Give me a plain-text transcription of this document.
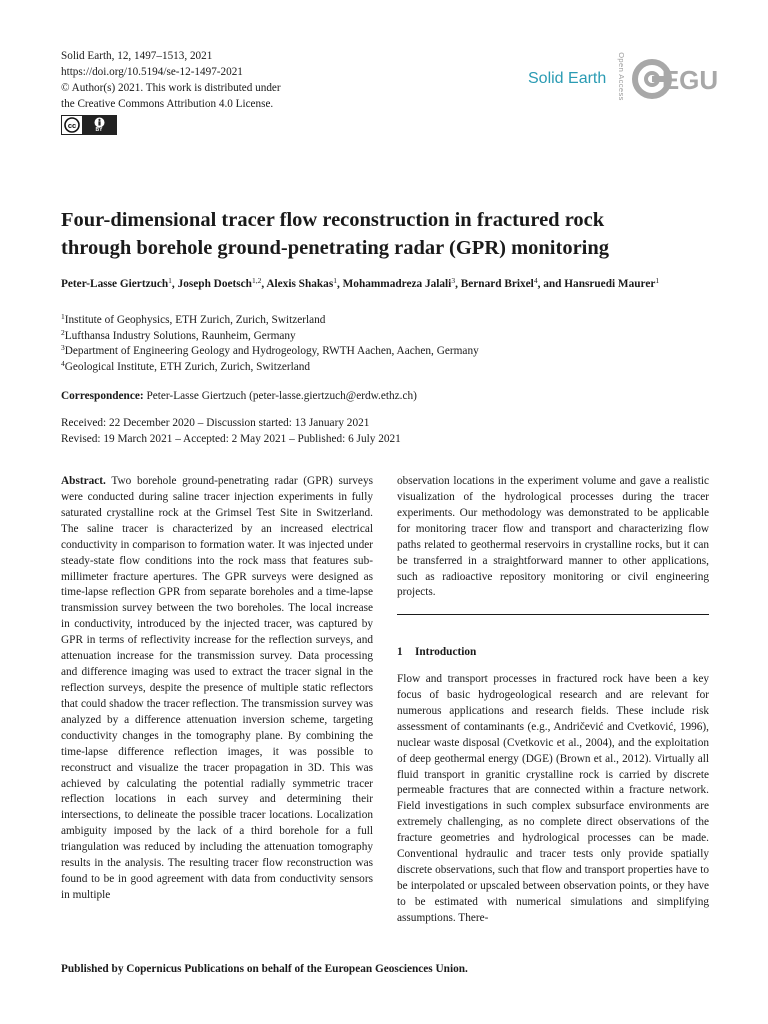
Solid Earth, 12, 1497–1513, 2021
https://doi.org/10.5194/se-12-1497-2021
© Author(s) 2021. This work is distributed under
the Creative Commons Attribution 4.0 License.
cc	BY
Solid Earth Open Access EGU
Four-dimensional tracer flow reconstruction in fractured rock
through borehole ground-penetrating radar (GPR) monitoring
Peter-Lasse Giertzuch$^1$, Joseph Doetsch$^{1,2}$, Alexis Shakas$^1$, Mohammadreza Jalali$^3$, Bernard Brixel$^4$, and Hansruedi Maurer$^1$
$^1$Institute of Geophysics, ETH Zurich, Zurich, Switzerland
$^2$Lufthansa Industry Solutions, Raunheim, Germany
$^3$Department of Engineering Geology and Hydrogeology, RWTH Aachen, Aachen, Germany
$^4$Geological Institute, ETH Zurich, Zurich, Switzerland
Correspondence: Peter-Lasse Giertzuch (peter-lasse.giertzuch@erdw.ethz.ch)
Received: 22 December 2020 – Discussion started: 13 January 2021
Revised: 19 March 2021 – Accepted: 2 May 2021 – Published: 6 July 2021

Abstract. Two borehole ground-penetrating radar (GPR) surveys were conducted during saline tracer injection experiments in fully saturated crystalline rock at the Grimsel Test Site in Switzerland. The saline tracer is characterized by an increased electrical conductivity in comparison to formation water. It was injected under steady-state flow conditions into the rock mass that features sub-millimeter fracture apertures. The GPR surveys were designed as time-lapse reflection GPR from separate boreholes and a time-lapse transmission survey between the two boreholes. The local increase in conductivity, introduced by the injected tracer, was captured by GPR in terms of reflectivity increase for the reflection surveys, and attenuation increase for the transmission survey. Data processing and difference imaging was used to extract the tracer signal in the reflection surveys, despite the presence of multiple static reflectors that could shadow the tracer reflection. The transmission survey was analyzed by a difference attenuation inversion scheme, targeting conductivity changes in the tomography plane. By combining the time-lapse difference reflection images, it was possible to reconstruct and visualize the tracer propagation in 3D. This was achieved by calculating the potential radially symmetric tracer reflection locations in each survey and determining their intersections, to delineate the possible tracer locations. Localization ambiguity imposed by the lack of a third borehole for a full triangulation was reduced by including the attenuation tomography results in the analysis. The resulting tracer flow reconstruction was found to be in good agreement with data from conductivity sensors in multiple

observation locations in the experiment volume and gave a realistic visualization of the hydrological processes during the tracer experiments. Our methodology was demonstrated to be applicable for monitoring tracer flow and transport and characterizing flow paths related to geothermal reservoirs in crystalline rocks, but it can be transferred in a straightforward manner to other applications, such as radioactive repository monitoring or civil engineering projects.

1 Introduction

Flow and transport processes in fractured rock have been a key focus of basic hydrogeological research and are relevant for numerous applications and research fields. These include risk assessment of contaminants (e.g., Andričević and Cvetković, 1996), nuclear waste disposal (Cvetkovic et al., 2004), and the exploitation of deep geothermal energy (DGE) (Brown et al., 2012). Virtually all fluid transport in granitic crystalline rock is carried by discrete permeable fractures that are connected within a fracture network. Field investigations in such complex subsurface environments are extremely challenging, as no complete direct observations of the fracture geometries and hydrological processes can be made. Conventional hydraulic and tracer tests only provide spatially discrete observations, such that flow and transport properties have to be interpolated or upscaled between observation points, or they have to be estimated with numerical simulations and simplifying assumptions. There-

Published by Copernicus Publications on behalf of the European Geosciences Union.
